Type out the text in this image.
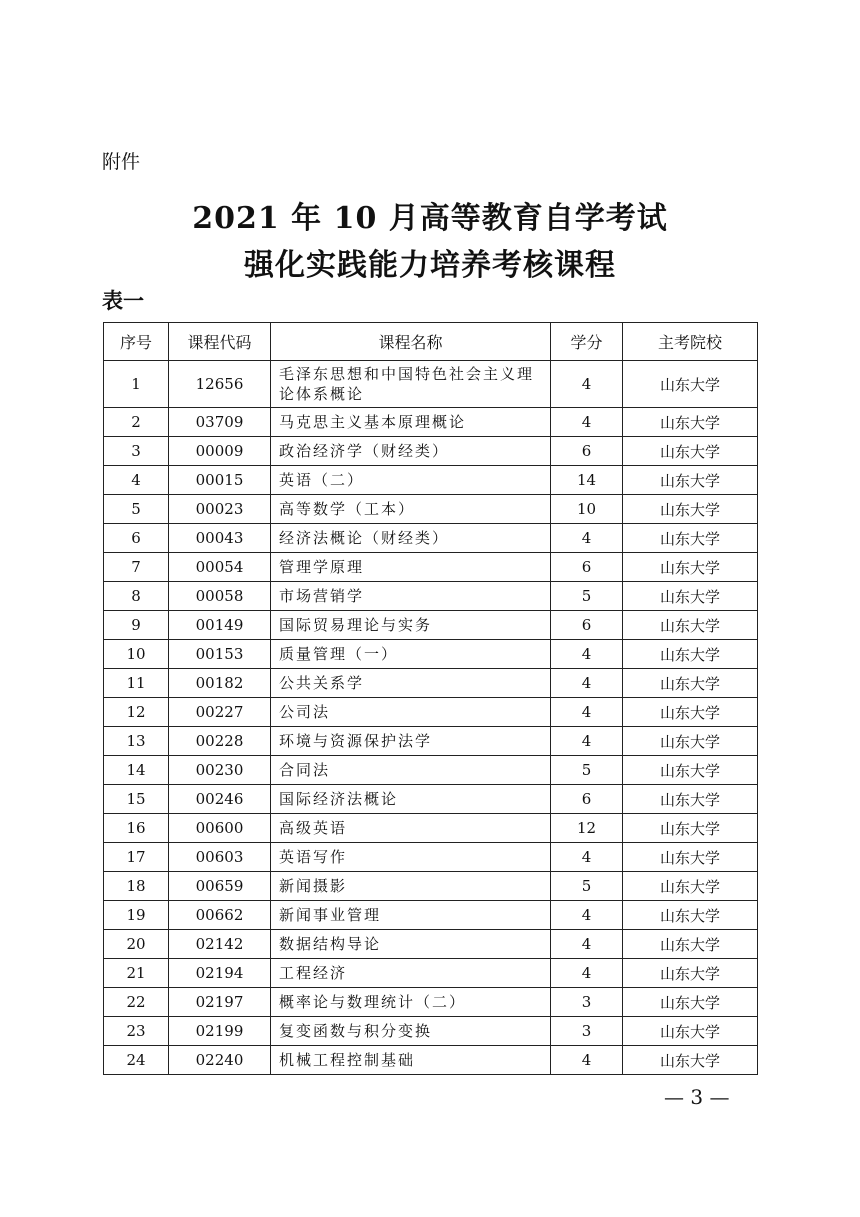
附件
2021 年 10 月高等教育自学考试
强化实践能力培养考核课程
表一
序号	课程代码	课程名称	学分	主考院校
1	12656	毛泽东思想和中国特色社会主义理论体系概论	4	山东大学
2	03709	马克思主义基本原理概论	4	山东大学
3	00009	政治经济学（财经类）	6	山东大学
4	00015	英语（二）	14	山东大学
5	00023	高等数学（工本）	10	山东大学
6	00043	经济法概论（财经类）	4	山东大学
7	00054	管理学原理	6	山东大学
8	00058	市场营销学	5	山东大学
9	00149	国际贸易理论与实务	6	山东大学
10	00153	质量管理（一）	4	山东大学
11	00182	公共关系学	4	山东大学
12	00227	公司法	4	山东大学
13	00228	环境与资源保护法学	4	山东大学
14	00230	合同法	5	山东大学
15	00246	国际经济法概论	6	山东大学
16	00600	高级英语	12	山东大学
17	00603	英语写作	4	山东大学
18	00659	新闻摄影	5	山东大学
19	00662	新闻事业管理	4	山东大学
20	02142	数据结构导论	4	山东大学
21	02194	工程经济	4	山东大学
22	02197	概率论与数理统计（二）	3	山东大学
23	02199	复变函数与积分变换	3	山东大学
24	02240	机械工程控制基础	4	山东大学
— 3 —
